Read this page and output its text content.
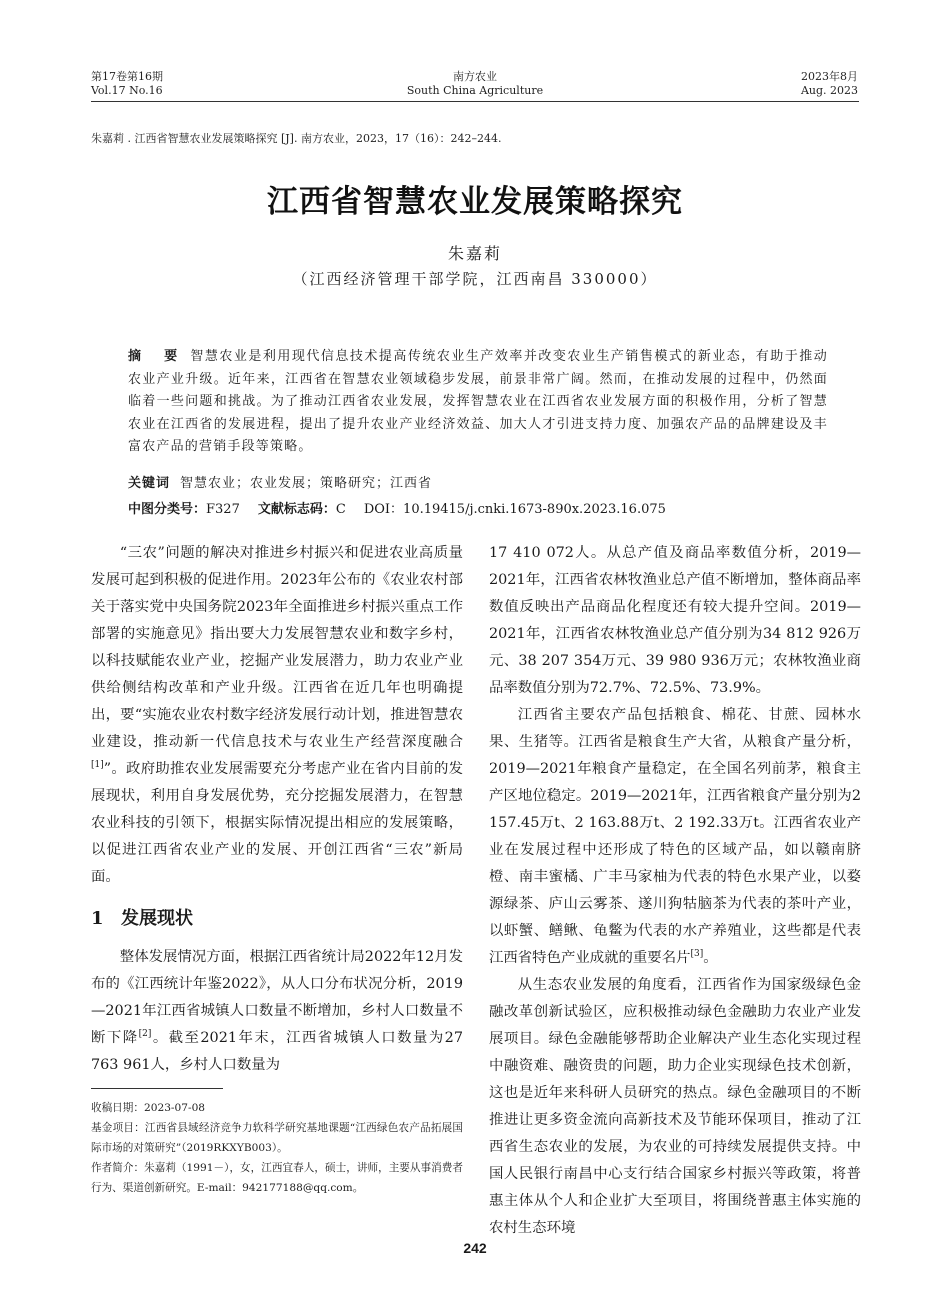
第17卷第16期
Vol.17 No.16
南方农业
South China Agriculture
2023年8月
Aug. 2023
朱嘉莉 . 江西省智慧农业发展策略探究 [J]. 南方农业，2023，17（16）：242–244.
江西省智慧农业发展策略探究
朱嘉莉
（江西经济管理干部学院，江西南昌 330000）
摘 要 智慧农业是利用现代信息技术提高传统农业生产效率并改变农业生产销售模式的新业态，有助于推动农业产业升级。近年来，江西省在智慧农业领域稳步发展，前景非常广阔。然而，在推动发展的过程中，仍然面临着一些问题和挑战。为了推动江西省农业发展，发挥智慧农业在江西省农业发展方面的积极作用，分析了智慧农业在江西省的发展进程，提出了提升农业产业经济效益、加大人才引进支持力度、加强农产品的品牌建设及丰富农产品的营销手段等策略。
关键词 智慧农业；农业发展；策略研究；江西省
中图分类号：F327 文献标志码：C DOI：10.19415/j.cnki.1673-890x.2023.16.075

“三农”问题的解决对推进乡村振兴和促进农业高质量发展可起到积极的促进作用。2023年公布的《农业农村部关于落实党中央国务院2023年全面推进乡村振兴重点工作部署的实施意见》指出要大力发展智慧农业和数字乡村，以科技赋能农业产业，挖掘产业发展潜力，助力农业产业供给侧结构改革和产业升级。江西省在近几年也明确提出，要“实施农业农村数字经济发展行动计划，推进智慧农业建设，推动新一代信息技术与农业生产经营深度融合[1]”。政府助推农业发展需要充分考虑产业在省内目前的发展现状，利用自身发展优势，充分挖掘发展潜力，在智慧农业科技的引领下，根据实际情况提出相应的发展策略，以促进江西省农业产业的发展、开创江西省“三农”新局面。

1 发展现状

整体发展情况方面，根据江西省统计局2022年12月发布的《江西统计年鉴2022》，从人口分布状况分析，2019—2021年江西省城镇人口数量不断增加，乡村人口数量不断下降[2]。截至2021年末，江西省城镇人口数量为27 763 961人，乡村人口数量为

17 410 072人。从总产值及商品率数值分析，2019—2021年，江西省农林牧渔业总产值不断增加，整体商品率数值反映出产品商品化程度还有较大提升空间。2019—2021年，江西省农林牧渔业总产值分别为34 812 926万元、38 207 354万元、39 980 936万元；农林牧渔业商品率数值分别为72.7%、72.5%、73.9%。

江西省主要农产品包括粮食、棉花、甘蔗、园林水果、生猪等。江西省是粮食生产大省，从粮食产量分析，2019—2021年粮食产量稳定，在全国名列前茅，粮食主产区地位稳定。2019—2021年，江西省粮食产量分别为2 157.45万t、2 163.88万t、2 192.33万t。江西省农业产业在发展过程中还形成了特色的区域产品，如以赣南脐橙、南丰蜜橘、广丰马家柚为代表的特色水果产业，以婺源绿茶、庐山云雾茶、遂川狗牯脑茶为代表的茶叶产业，以虾蟹、鳝鳅、龟鳖为代表的水产养殖业，这些都是代表江西省特色产业成就的重要名片[3]。

从生态农业发展的角度看，江西省作为国家级绿色金融改革创新试验区，应积极推动绿色金融助力农业产业发展项目。绿色金融能够帮助企业解决产业生态化实现过程中融资难、融资贵的问题，助力企业实现绿色技术创新，这也是近年来科研人员研究的热点。绿色金融项目的不断推进让更多资金流向高新技术及节能环保项目，推动了江西省生态农业的发展，为农业的可持续发展提供支持。中国人民银行南昌中心支行结合国家乡村振兴等政策，将普惠主体从个人和企业扩大至项目，将围绕普惠主体实施的农村生态环境

收稿日期：2023-07-08

基金项目：江西省县域经济竞争力软科学研究基地课题“江西绿色农产品拓展国际市场的对策研究”（2019RKXYB003）。

作者简介：朱嘉莉（1991－），女，江西宜春人，硕士，讲师，主要从事消费者行为、渠道创新研究。E-mail：942177188@qq.com。

242
